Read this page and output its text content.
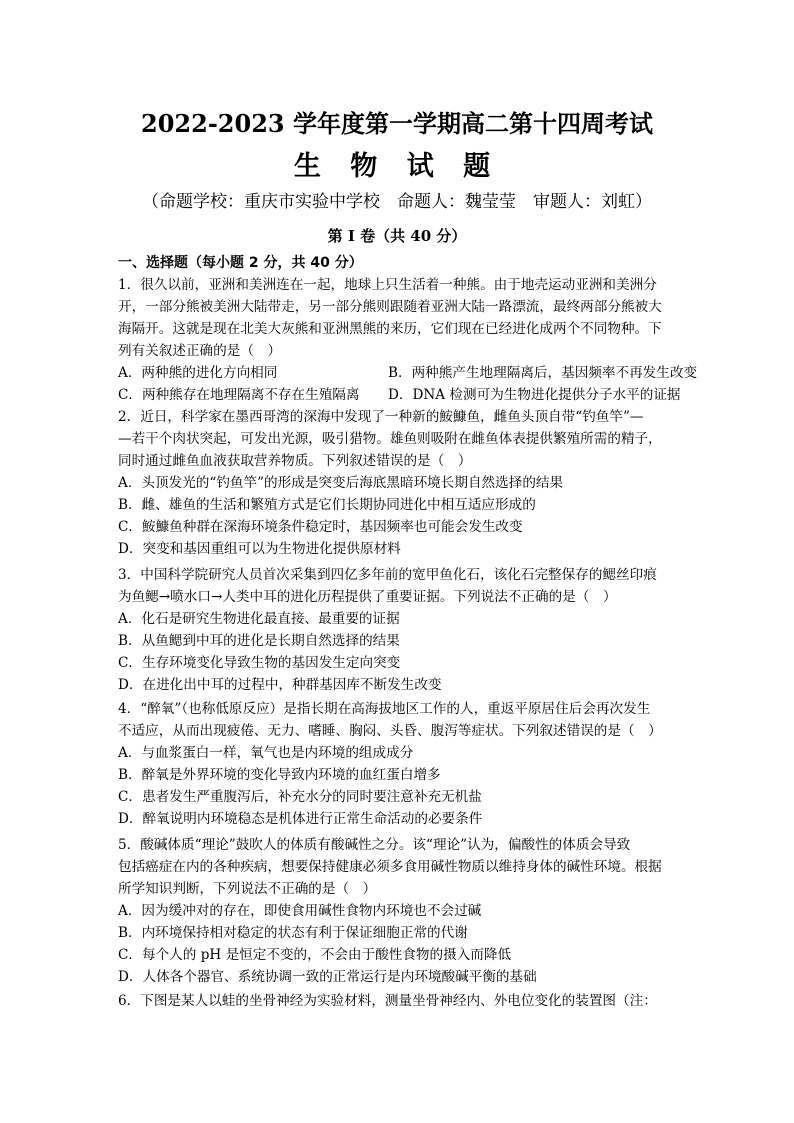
2022-2023 学年度第一学期高二第十四周考试
生 物 试 题
（命题学校：重庆市实验中学校　命题人：魏莹莹　审题人：刘虹）
第 I 卷（共 40 分）
一、选择题（每小题 2 分，共 40 分）
1．很久以前，亚洲和美洲连在一起，地球上只生活着一种熊。由于地壳运动亚洲和美洲分
开，一部分熊被美洲大陆带走，另一部分熊则跟随着亚洲大陆一路漂流，最终两部分熊被大
海隔开。这就是现在北美大灰熊和亚洲黑熊的来历，它们现在已经进化成两个不同物种。下
列有关叙述正确的是（　）
A．两种熊的进化方向相同	B．两种熊产生地理隔离后，基因频率不再发生改变
C．两种熊存在地理隔离不存在生殖隔离 D．DNA 检测可为生物进化提供分子水平的证据
2．近日，科学家在墨西哥湾的深海中发现了一种新的鮟鱇鱼，雌鱼头顶自带“钓鱼竿”—
—若干个肉状突起，可发出光源，吸引猎物。雄鱼则吸附在雌鱼体表提供繁殖所需的精子，
同时通过雌鱼血液获取营养物质。下列叙述错误的是（　）
A．头顶发光的“钓鱼竿”的形成是突变后海底黑暗环境长期自然选择的结果
B．雌、雄鱼的生活和繁殖方式是它们长期协同进化中相互适应形成的
C．鮟鱇鱼种群在深海环境条件稳定时，基因频率也可能会发生改变
D．突变和基因重组可以为生物进化提供原材料
3．中国科学院研究人员首次采集到四亿多年前的宽甲鱼化石，该化石完整保存的鳃丝印痕
为鱼鳃→喷水口→人类中耳的进化历程提供了重要证据。下列说法不正确的是（　）
A．化石是研究生物进化最直接、最重要的证据
B．从鱼鳃到中耳的进化是长期自然选择的结果
C．生存环境变化导致生物的基因发生定向突变
D．在进化出中耳的过程中，种群基因库不断发生改变
4．“醉氧”（也称低原反应）是指长期在高海拔地区工作的人，重返平原居住后会再次发生
不适应，从而出现疲倦、无力、嗜睡、胸闷、头昏、腹泻等症状。下列叙述错误的是（　）
A．与血浆蛋白一样，氧气也是内环境的组成成分
B．醉氧是外界环境的变化导致内环境的血红蛋白增多
C．患者发生严重腹泻后，补充水分的同时要注意补充无机盐
D．醉氧说明内环境稳态是机体进行正常生命活动的必要条件
5．酸碱体质“理论”鼓吹人的体质有酸碱性之分。该“理论”认为，偏酸性的体质会导致
包括癌症在内的各种疾病，想要保持健康必须多食用碱性物质以维持身体的碱性环境。根据
所学知识判断，下列说法不正确的是（　）
A．因为缓冲对的存在，即使食用碱性食物内环境也不会过碱
B．内环境保持相对稳定的状态有利于保证细胞正常的代谢
C．每个人的 pH 是恒定不变的，不会由于酸性食物的摄入而降低
D．人体各个器官、系统协调一致的正常运行是内环境酸碱平衡的基础
6．下图是某人以蛙的坐骨神经为实验材料，测量坐骨神经内、外电位变化的装置图（注：
